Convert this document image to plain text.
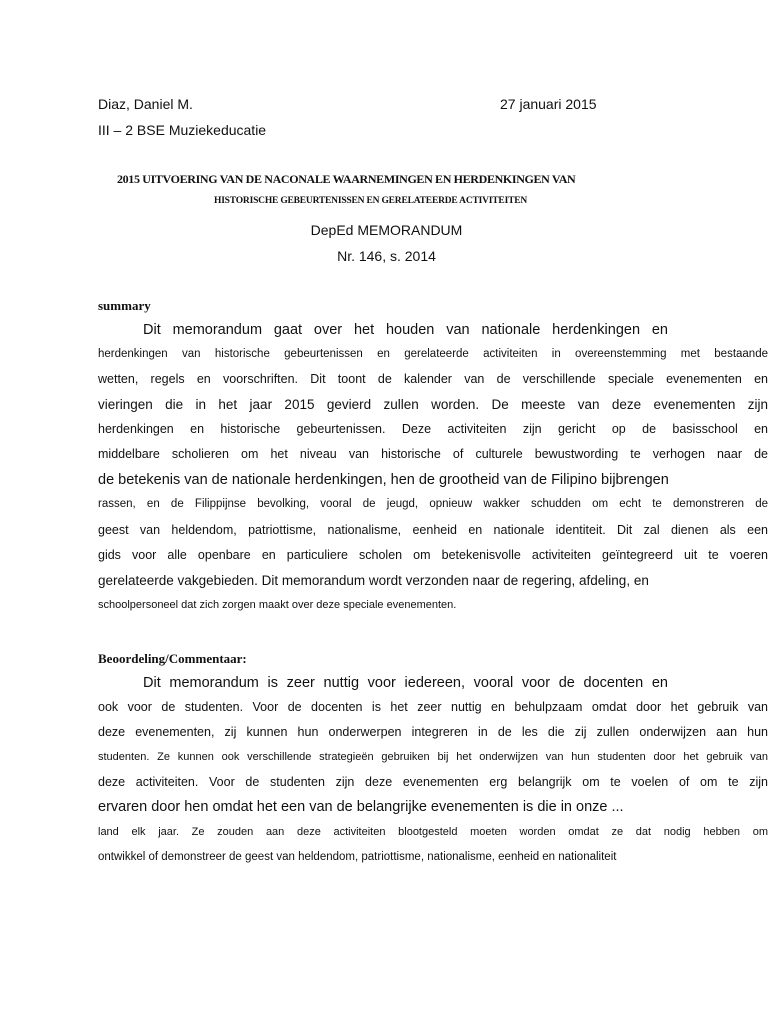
Diaz, Daniel M.	27 januari 2015
III – 2 BSE Muziekeducatie
2015 UITVOERING VAN DE NACONALE WAARNEMINGEN EN HERDENKINGEN VAN
HISTORISCHE GEBEURTENISSEN EN GERELATEERDE ACTIVITEITEN
DepEd MEMORANDUM
Nr. 146, s. 2014
summary
Dit memorandum gaat over het houden van nationale herdenkingen en
herdenkingen van historische gebeurtenissen en gerelateerde activiteiten in overeenstemming met bestaande
wetten, regels en voorschriften. Dit toont de kalender van de verschillende speciale evenementen en
vieringen die in het jaar 2015 gevierd zullen worden. De meeste van deze evenementen zijn
herdenkingen en historische gebeurtenissen. Deze activiteiten zijn gericht op de basisschool en
middelbare scholieren om het niveau van historische of culturele bewustwording te verhogen naar de
de betekenis van de nationale herdenkingen, hen de grootheid van de Filipino bijbrengen
rassen, en de Filippijnse bevolking, vooral de jeugd, opnieuw wakker schudden om echt te demonstreren de
geest van heldendom, patriottisme, nationalisme, eenheid en nationale identiteit. Dit zal dienen als een
gids voor alle openbare en particuliere scholen om betekenisvolle activiteiten geïntegreerd uit te voeren
gerelateerde vakgebieden. Dit memorandum wordt verzonden naar de regering, afdeling, en
schoolpersoneel dat zich zorgen maakt over deze speciale evenementen.
Beoordeling/Commentaar:
Dit memorandum is zeer nuttig voor iedereen, vooral voor de docenten en
ook voor de studenten. Voor de docenten is het zeer nuttig en behulpzaam omdat door het gebruik van
deze evenementen, zij kunnen hun onderwerpen integreren in de les die zij zullen onderwijzen aan hun
studenten. Ze kunnen ook verschillende strategieën gebruiken bij het onderwijzen van hun studenten door het gebruik van
deze activiteiten. Voor de studenten zijn deze evenementen erg belangrijk om te voelen of om te zijn
ervaren door hen omdat het een van de belangrijke evenementen is die in onze ...
land elk jaar. Ze zouden aan deze activiteiten blootgesteld moeten worden omdat ze dat nodig hebben om
ontwikkel of demonstreer de geest van heldendom, patriottisme, nationalisme, eenheid en nationaliteit
